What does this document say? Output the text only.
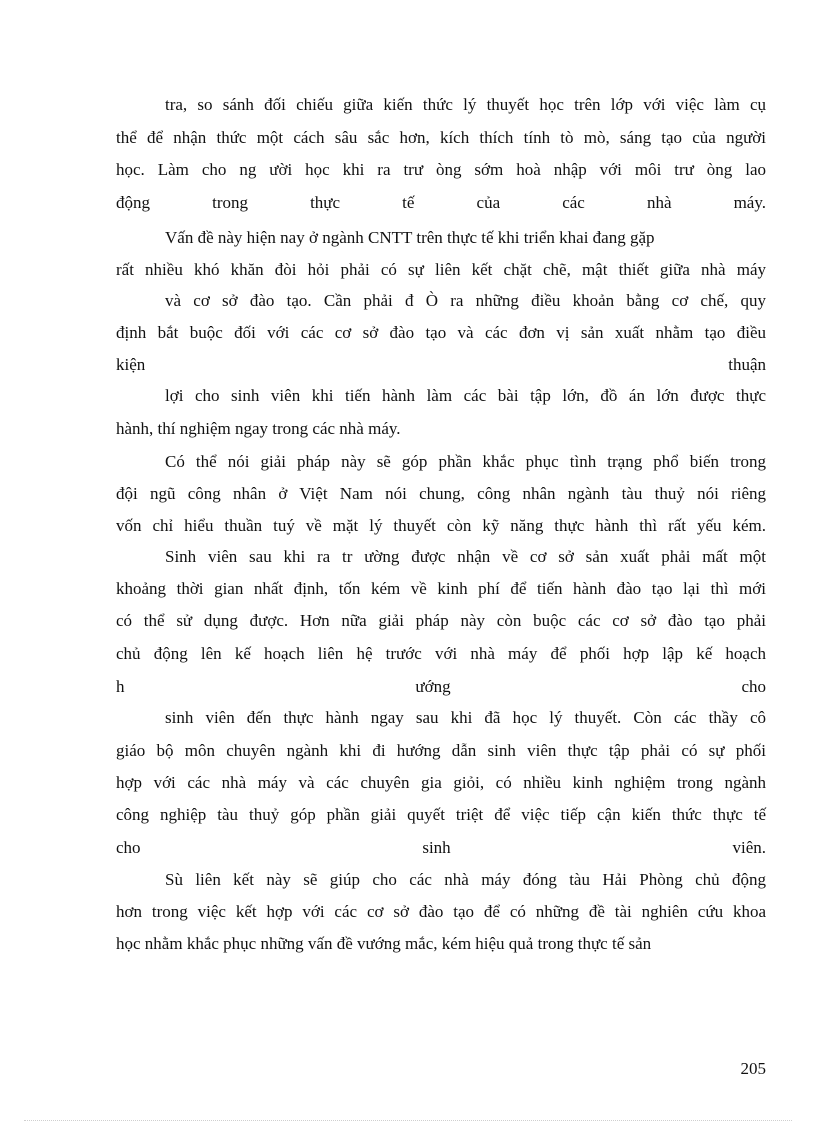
tra, so sánh đối chiếu giữa kiến thức lý thuyết học trên lớp với việc làm cụ
thể để nhận thức một cách sâu sắc hơn, kích thích tính tò mò, sáng tạo của người
học. Làm cho ng ười học khi ra trư òng sớm hoà nhập với môi trư òng lao
động trong thực tế của các nhà máy.
Vấn đề này hiện nay ở ngành CNTT trên thực tế khi triển khai đang gặp
rất nhiều khó khăn đòi hỏi phải có sự liên kết chặt chẽ, mật thiết giữa nhà máy
và cơ sở đào tạo. Cần phải đ Ò ra những điều khoản bằng cơ chế, quy
định bắt buộc đối với các cơ sở đào tạo và các đơn vị sản xuất nhằm tạo điều
kiện thuận
lợi cho sinh viên khi tiến hành làm các bài tập lớn, đồ án lớn được thực
hành, thí nghiệm ngay trong các nhà máy.
Có thể nói giải pháp này sẽ góp phần khắc phục tình trạng phổ biến trong
đội ngũ công nhân ở Việt Nam nói chung, công nhân ngành tàu thuỷ nói riêng
vốn chỉ hiểu thuần tuý về mặt lý thuyết còn kỹ năng thực hành thì rất yếu kém.
Sinh viên sau khi ra tr ường được nhận về cơ sở sản xuất phải mất một
khoảng thời gian nhất định, tốn kém về kinh phí để tiến hành đào tạo lại thì mới
có thể sử dụng được. Hơn nữa giải pháp này còn buộc các cơ sở đào tạo phải
chủ động lên kế hoạch liên hệ trước với nhà máy để phối hợp lập kế hoạch
h ướng cho
sinh viên đến thực hành ngay sau khi đã học lý thuyết. Còn các thầy cô
giáo bộ môn chuyên ngành khi đi hướng dẫn sinh viên thực tập phải có sự phối
hợp với các nhà máy và các chuyên gia giỏi, có nhiều kinh nghiệm trong ngành
công nghiệp tàu thuỷ góp phần giải quyết triệt để việc tiếp cận kiến thức thực tế
cho sinh viên.
Sù liên kết này sẽ giúp cho các nhà máy đóng tàu Hải Phòng chủ động
hơn trong việc kết hợp với các cơ sở đào tạo để có những đề tài nghiên cứu khoa
học nhằm khắc phục những vấn đề vướng mắc, kém hiệu quả trong thực tế sản
205
